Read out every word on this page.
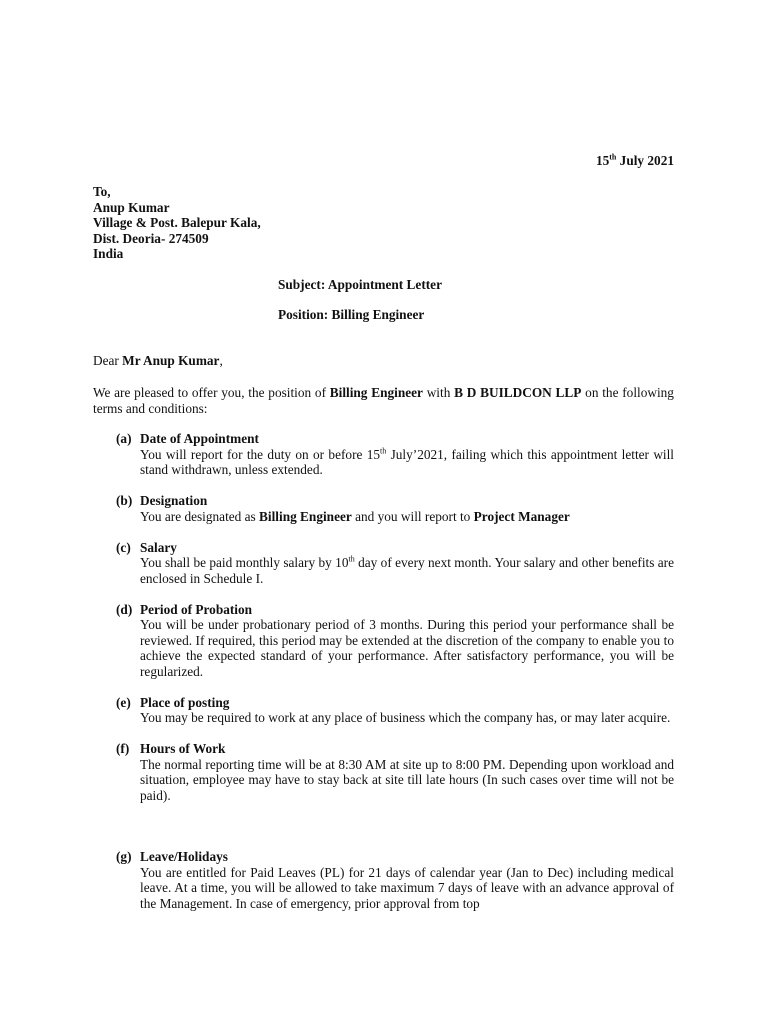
15th July 2021
To,
Anup Kumar
Village & Post. Balepur Kala,
Dist. Deoria- 274509
India
Subject: Appointment Letter
Position: Billing Engineer
Dear Mr Anup Kumar,
We are pleased to offer you, the position of Billing Engineer with B D BUILDCON LLP on the following terms and conditions:
(a) Date of Appointment
You will report for the duty on or before 15th July’2021, failing which this appointment letter will stand withdrawn, unless extended.
(b) Designation
You are designated as Billing Engineer and you will report to Project Manager
(c) Salary
You shall be paid monthly salary by 10th day of every next month. Your salary and other benefits are enclosed in Schedule I.
(d) Period of Probation
You will be under probationary period of 3 months. During this period your performance shall be reviewed. If required, this period may be extended at the discretion of the company to enable you to achieve the expected standard of your performance. After satisfactory performance, you will be regularized.
(e) Place of posting
You may be required to work at any place of business which the company has, or may later acquire.
(f) Hours of Work
The normal reporting time will be at 8:30 AM at site up to 8:00 PM. Depending upon workload and situation, employee may have to stay back at site till late hours (In such cases over time will not be paid).
(g) Leave/Holidays
You are entitled for Paid Leaves (PL) for 21 days of calendar year (Jan to Dec) including medical leave. At a time, you will be allowed to take maximum 7 days of leave with an advance approval of the Management. In case of emergency, prior approval from top
